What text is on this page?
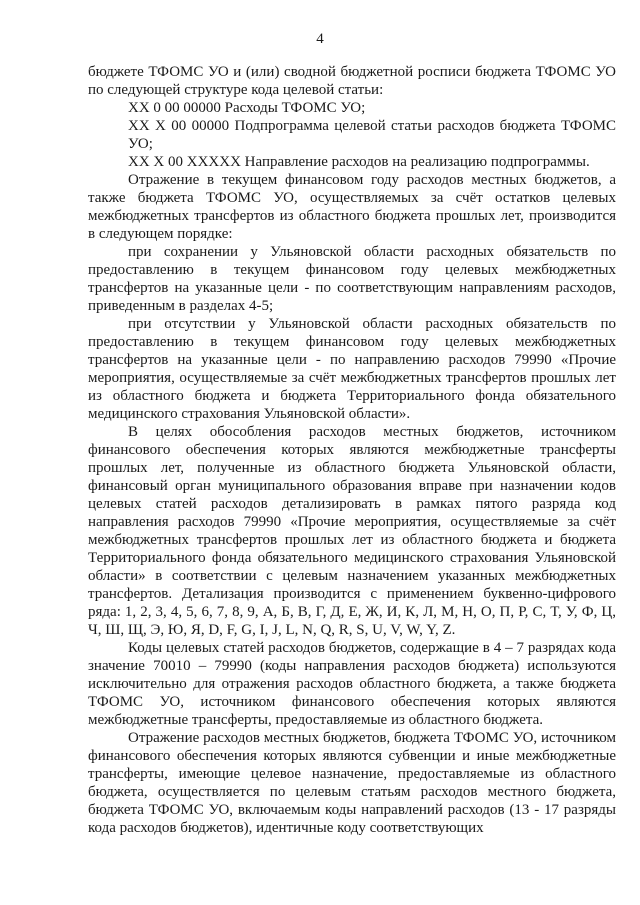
4

бюджете ТФОМС УО и (или) сводной бюджетной росписи бюджета ТФОМС УО по следующей структуре кода целевой статьи:

ХХ 0 00 00000 Расходы ТФОМС УО;

ХХ Х 00 00000 Подпрограмма целевой статьи расходов бюджета ТФОМС УО;

ХХ Х 00 ХХХХХ Направление расходов на реализацию подпрограммы.

Отражение в текущем финансовом году расходов местных бюджетов, а также бюджета ТФОМС УО, осуществляемых за счёт остатков целевых межбюджетных трансфертов из областного бюджета прошлых лет, производится в следующем порядке:

при сохранении у Ульяновской области расходных обязательств по предоставлению в текущем финансовом году целевых межбюджетных трансфертов на указанные цели - по соответствующим направлениям расходов, приведенным в разделах 4-5;

при отсутствии у Ульяновской области расходных обязательств по предоставлению в текущем финансовом году целевых межбюджетных трансфертов на указанные цели - по направлению расходов 79990 «Прочие мероприятия, осуществляемые за счёт межбюджетных трансфертов прошлых лет из областного бюджета и бюджета Территориального фонда обязательного медицинского страхования Ульяновской области».

В целях обособления расходов местных бюджетов, источником финансового обеспечения которых являются межбюджетные трансферты прошлых лет, полученные из областного бюджета Ульяновской области, финансовый орган муниципального образования вправе при назначении кодов целевых статей расходов детализировать в рамках пятого разряда код направления расходов 79990 «Прочие мероприятия, осуществляемые за счёт межбюджетных трансфертов прошлых лет из областного бюджета и бюджета Территориального фонда обязательного медицинского страхования Ульяновской области» в соответствии с целевым назначением указанных межбюджетных трансфертов. Детализация производится с применением буквенно-цифрового ряда: 1, 2, 3, 4, 5, 6, 7, 8, 9, А, Б, В, Г, Д, Е, Ж, И, К, Л, М, Н, О, П, Р, С, Т, У, Ф, Ц, Ч, Ш, Щ, Э, Ю, Я, D, F, G, I, J, L, N, Q, R, S, U, V, W, Y, Z.

Коды целевых статей расходов бюджетов, содержащие в 4 – 7 разрядах кода значение 70010 – 79990 (коды направления расходов бюджета) используются исключительно для отражения расходов областного бюджета, а также бюджета ТФОМС УО, источником финансового обеспечения которых являются межбюджетные трансферты, предоставляемые из областного бюджета.

Отражение расходов местных бюджетов, бюджета ТФОМС УО, источником финансового обеспечения которых являются субвенции и иные межбюджетные трансферты, имеющие целевое назначение, предоставляемые из областного бюджета, осуществляется по целевым статьям расходов местного бюджета, бюджета ТФОМС УО, включаемым коды направлений расходов (13 - 17 разряды кода расходов бюджетов), идентичные коду соответствующих
